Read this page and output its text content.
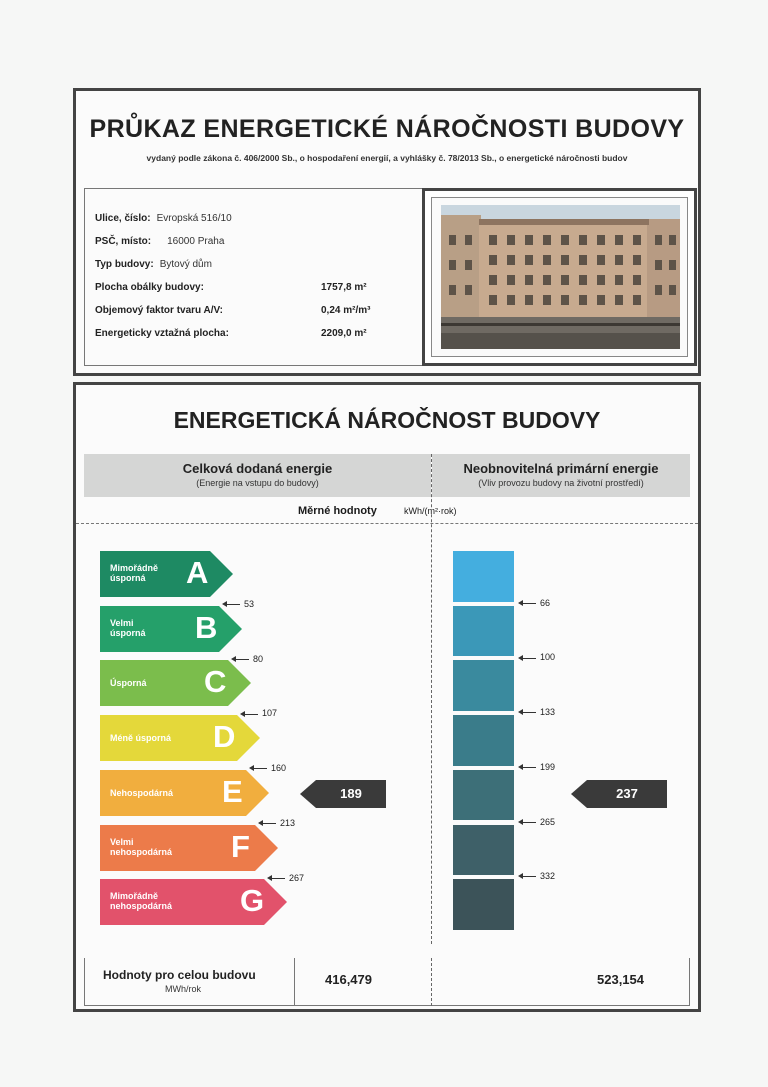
PRŮKAZ ENERGETICKÉ NÁROČNOSTI BUDOVY
vydaný podle zákona č. 406/2000 Sb., o hospodaření energií, a vyhlášky č. 78/2013 Sb., o energetické náročnosti budov
Ulice, číslo: Evropská 516/10
PSČ, místo: 16000 Praha
Typ budovy: Bytový dům
Plocha obálky budovy:	1757,8 m²
Objemový faktor tvaru A/V:	0,24 m²/m³
Energeticky vztažná plocha:	2209,0 m²
ENERGETICKÁ NÁROČNOST BUDOVY
Celková dodaná energie
(Energie na vstupu do budovy)
Neobnovitelná primární energie
(Vliv provozu budovy na životní prostředí)
Měrné hodnoty	kWh/(m²·rok)
Mimořádně
úsporná	A
53
Velmi
úsporná B
80
Úsporná C
107
Méně úsporná D
160
Nehospodárná E
213
Velmi
nehospodárná F
267
Mimořádně
nehospodárná G
66
100
133
199
265
332
189	237
Hodnoty pro celou budovu
MWh/rok
416,479	523,154
